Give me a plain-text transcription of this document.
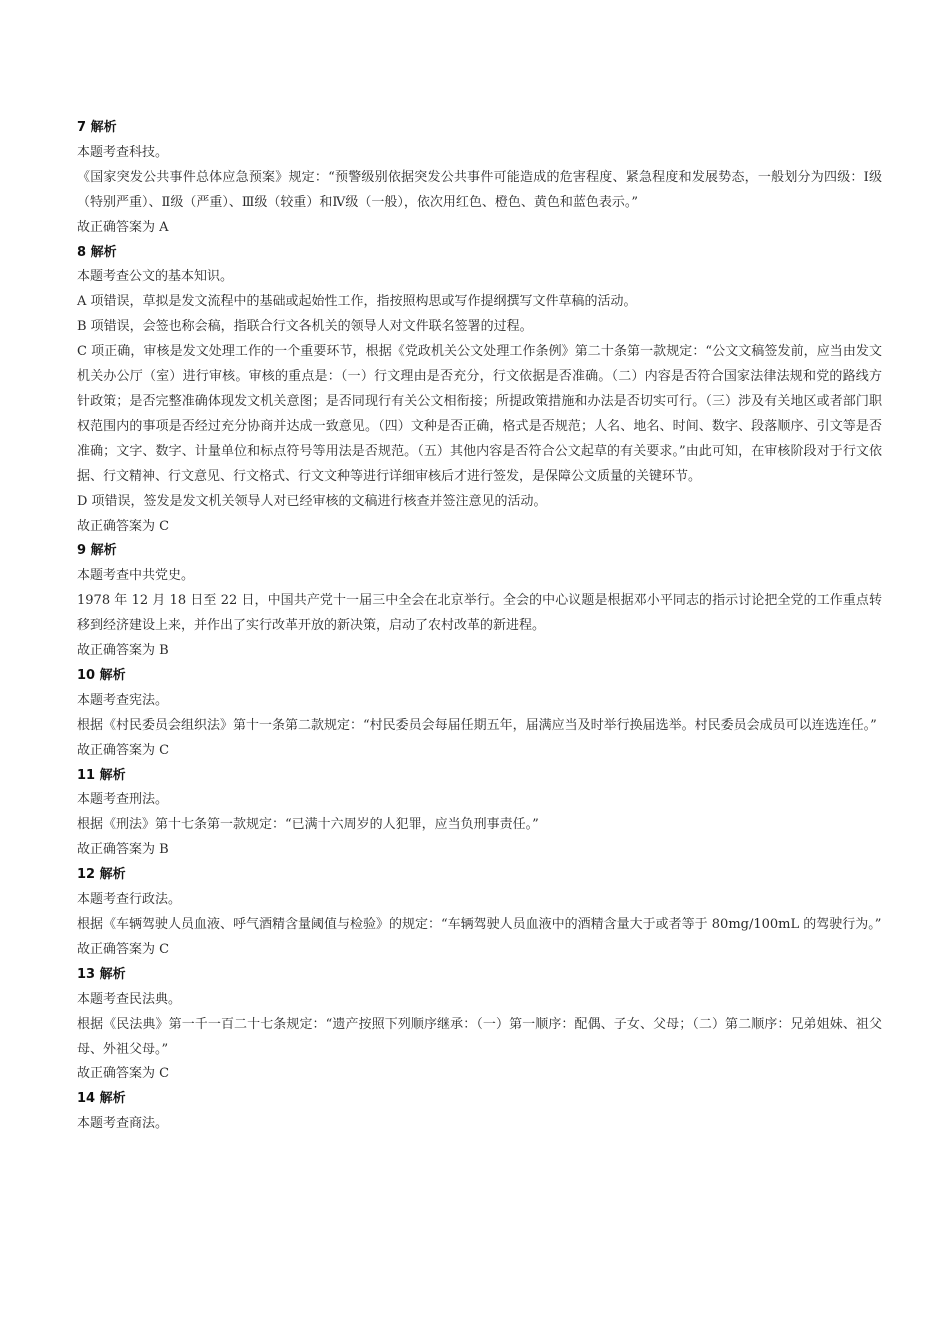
7 解析

本题考查科技。

《国家突发公共事件总体应急预案》规定：“预警级别依据突发公共事件可能造成的危害程度、紧急程度和发展势态，一般划分为四级：Ⅰ级（特别严重）、Ⅱ级（严重）、Ⅲ级（较重）和Ⅳ级（一般），依次用红色、橙色、黄色和蓝色表示。”

故正确答案为 A

8 解析

本题考查公文的基本知识。

A 项错误，草拟是发文流程中的基础或起始性工作，指按照构思或写作提纲撰写文件草稿的活动。

B 项错误，会签也称会稿，指联合行文各机关的领导人对文件联名签署的过程。

C 项正确，审核是发文处理工作的一个重要环节，根据《党政机关公文处理工作条例》第二十条第一款规定：“公文文稿签发前，应当由发文机关办公厅（室）进行审核。审核的重点是：（一）行文理由是否充分，行文依据是否准确。（二）内容是否符合国家法律法规和党的路线方针政策；是否完整准确体现发文机关意图；是否同现行有关公文相衔接；所提政策措施和办法是否切实可行。（三）涉及有关地区或者部门职权范围内的事项是否经过充分协商并达成一致意见。（四）文种是否正确，格式是否规范；人名、地名、时间、数字、段落顺序、引文等是否准确；文字、数字、计量单位和标点符号等用法是否规范。（五）其他内容是否符合公文起草的有关要求。”由此可知，在审核阶段对于行文依据、行文精神、行文意见、行文格式、行文文种等进行详细审核后才进行签发，是保障公文质量的关键环节。

D 项错误，签发是发文机关领导人对已经审核的文稿进行核查并签注意见的活动。

故正确答案为 C

9 解析

本题考查中共党史。

1978 年 12 月 18 日至 22 日，中国共产党十一届三中全会在北京举行。全会的中心议题是根据邓小平同志的指示讨论把全党的工作重点转移到经济建设上来，并作出了实行改革开放的新决策，启动了农村改革的新进程。

故正确答案为 B

10 解析

本题考查宪法。

根据《村民委员会组织法》第十一条第二款规定：“村民委员会每届任期五年，届满应当及时举行换届选举。村民委员会成员可以连选连任。”

故正确答案为 C

11 解析

本题考查刑法。

根据《刑法》第十七条第一款规定：“已满十六周岁的人犯罪，应当负刑事责任。”

故正确答案为 B

12 解析

本题考查行政法。

根据《车辆驾驶人员血液、呼气酒精含量阈值与检验》的规定：“车辆驾驶人员血液中的酒精含量大于或者等于 80mg/100mL 的驾驶行为。”

故正确答案为 C

13 解析

本题考查民法典。

根据《民法典》第一千一百二十七条规定：“遗产按照下列顺序继承：（一）第一顺序：配偶、子女、父母；（二）第二顺序：兄弟姐妹、祖父母、外祖父母。”

故正确答案为 C

14 解析

本题考查商法。
